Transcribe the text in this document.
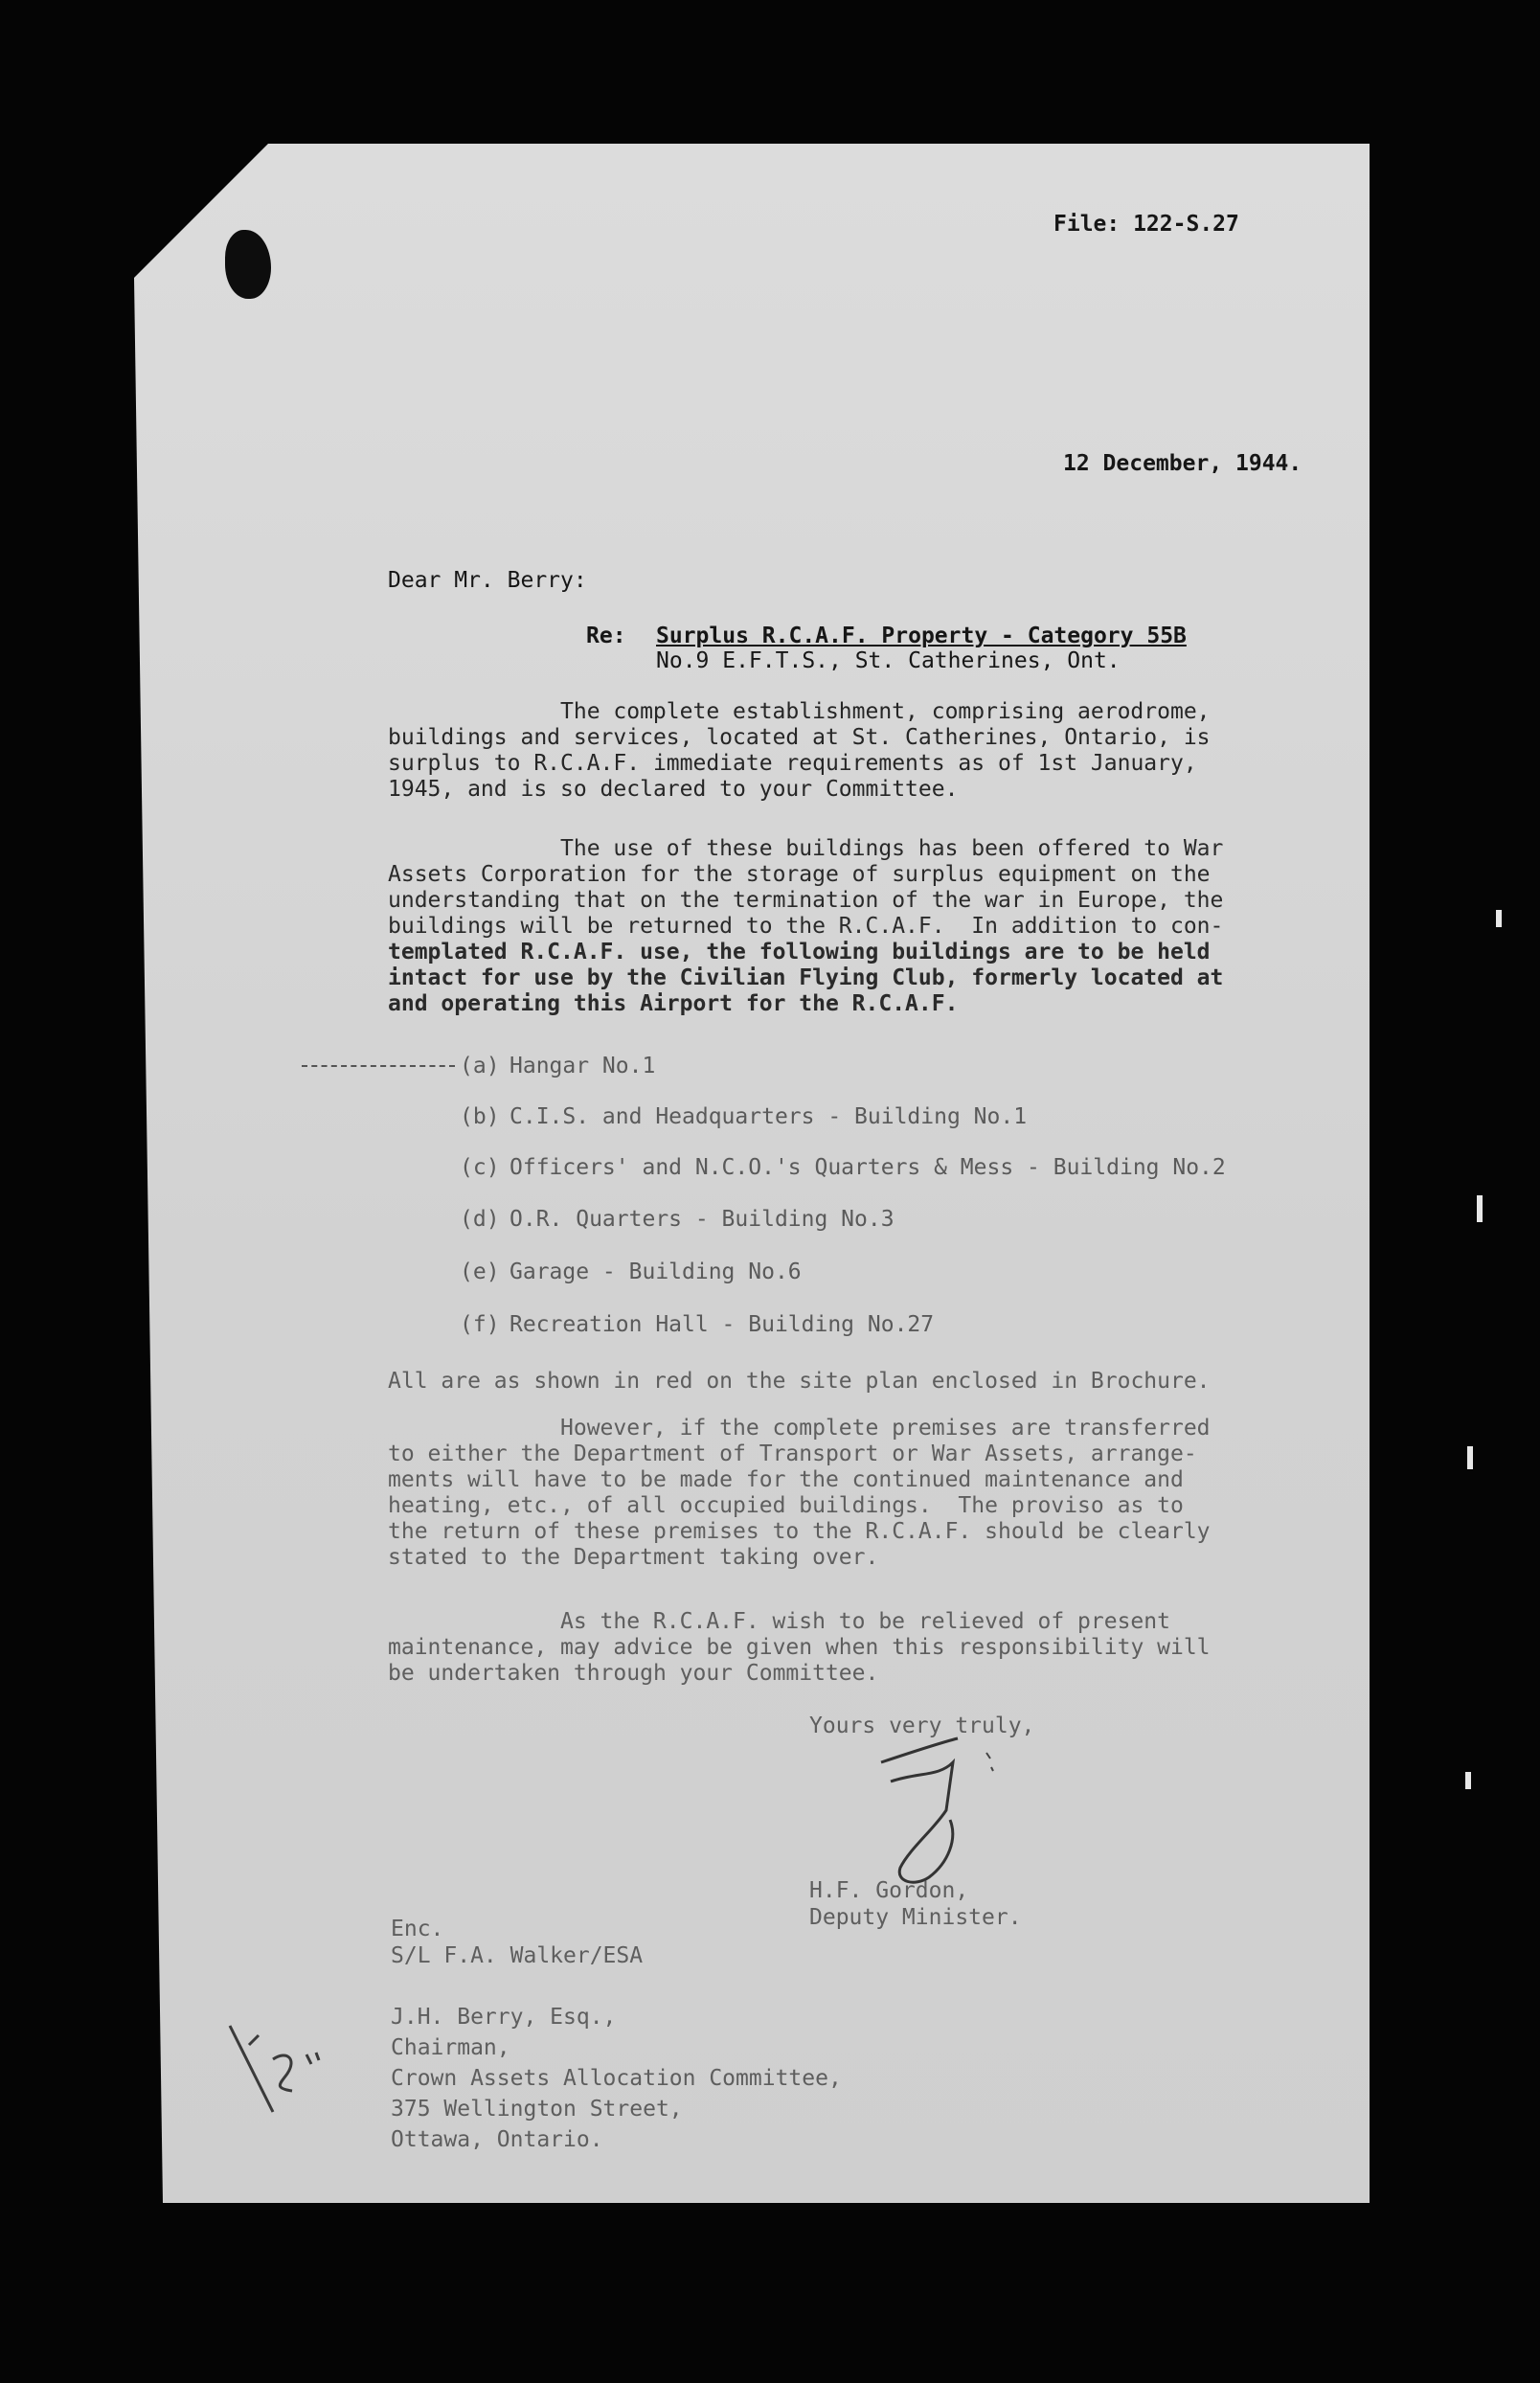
File: 122-S.27
12 December, 1944.
Dear Mr. Berry:
Re: Surplus R.C.A.F. Property - Category 55B
No.9 E.F.T.S., St. Catherines, Ont.
The complete establishment, comprising aerodrome,
buildings and services, located at St. Catherines, Ontario, is
surplus to R.C.A.F. immediate requirements as of 1st January,
1945, and is so declared to your Committee.
The use of these buildings has been offered to War
Assets Corporation for the storage of surplus equipment on the
understanding that on the termination of the war in Europe, the
buildings will be returned to the R.C.A.F.  In addition to con-
templated R.C.A.F. use, the following buildings are to be held
intact for use by the Civilian Flying Club, formerly located at
and operating this Airport for the R.C.A.F.
(a) Hangar No.1
(b) C.I.S. and Headquarters - Building No.1
(c) Officers' and N.C.O.'s Quarters & Mess - Building No.2
(d) O.R. Quarters - Building No.3
(e) Garage - Building No.6
(f) Recreation Hall - Building No.27
All are as shown in red on the site plan enclosed in Brochure.
However, if the complete premises are transferred
to either the Department of Transport or War Assets, arrange-
ments will have to be made for the continued maintenance and
heating, etc., of all occupied buildings.  The proviso as to
the return of these premises to the R.C.A.F. should be clearly
stated to the Department taking over.
As the R.C.A.F. wish to be relieved of present
maintenance, may advice be given when this responsibility will
be undertaken through your Committee.
Yours very truly,
H.F. Gordon,
Deputy Minister.
Enc.
S/L F.A. Walker/ESA
J.H. Berry, Esq.,
Chairman,
Crown Assets Allocation Committee,
375 Wellington Street,
Ottawa, Ontario.
